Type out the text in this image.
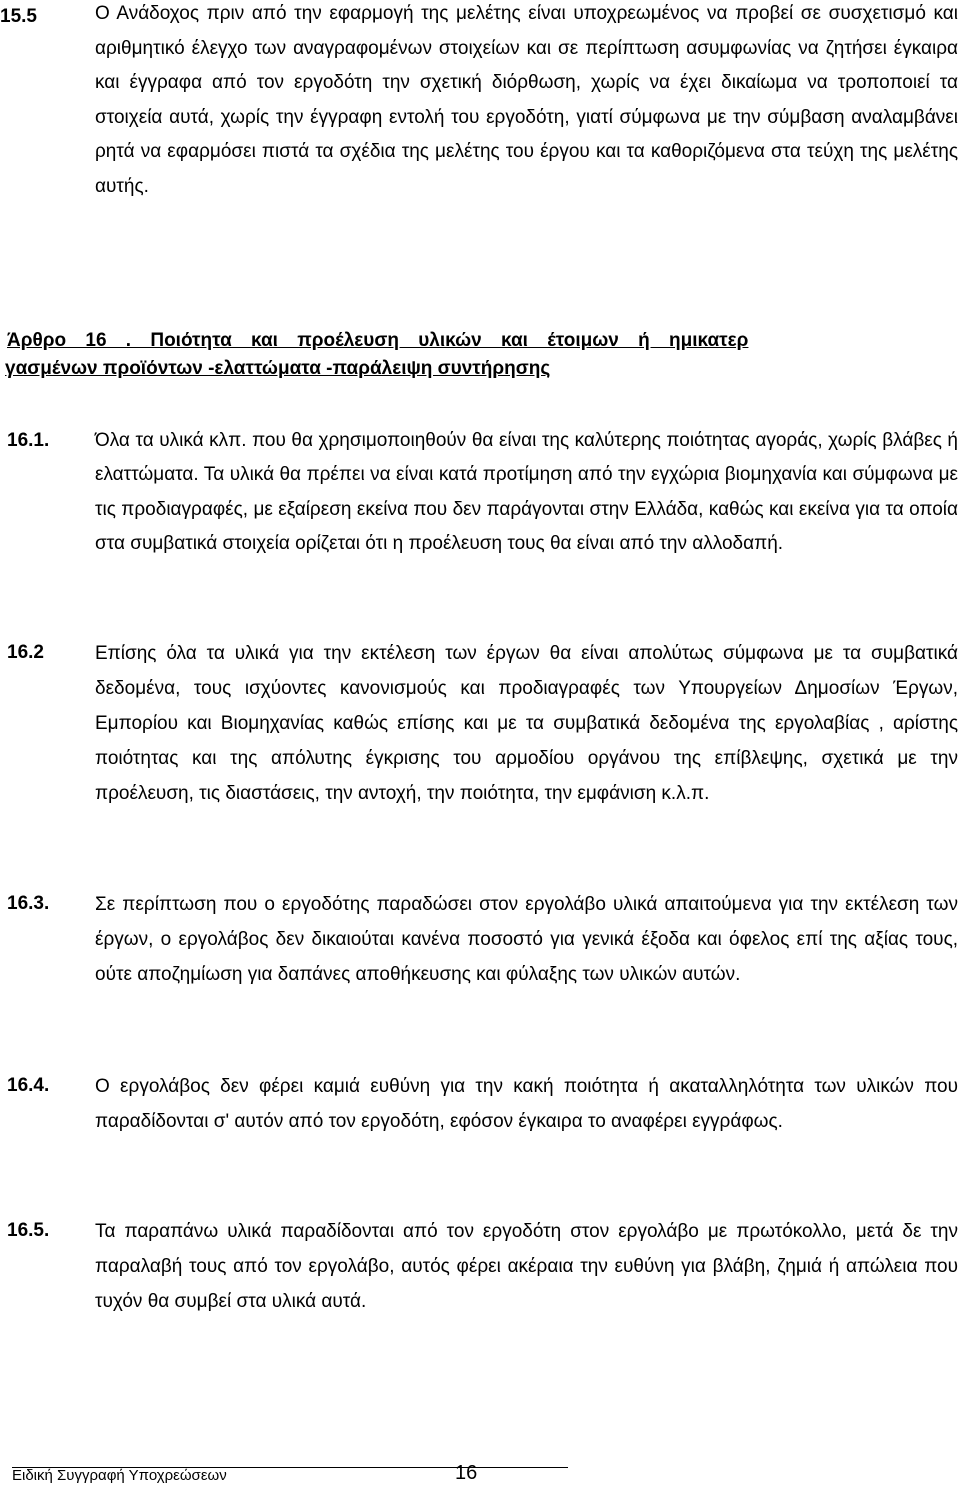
15.5	Ο Ανάδοχος πριν από την εφαρμογή της μελέτης είναι υποχρεωμένος να προβεί σε συσχετισμό και αριθμητικό έλεγχο των αναγραφομένων στοιχείων και σε περίπτωση ασυμφωνίας να ζητήσει έγκαιρα και έγγραφα από τον εργοδότη την σχετική διόρθωση, χωρίς να έχει δικαίωμα να τροποποιεί τα στοιχεία αυτά, χωρίς την έγγραφη εντολή του εργοδότη, γιατί σύμφωνα με την σύμβαση αναλαμβάνει ρητά να εφαρμόσει πιστά τα σχέδια της μελέτης του έργου και τα καθοριζόμενα στα τεύχη της μελέτης αυτής.
Άρθρο 16 . Ποιότητα και προέλευση υλικών και έτοιμων ή ημικατερ
γασμένων προϊόντων -ελαττώματα -παράλειψη συντήρησης
16.1. Όλα τα υλικά κλπ. που θα χρησιμοποιηθούν θα είναι της καλύτερης ποιότητας αγοράς, χωρίς βλάβες ή ελαττώματα. Τα υλικά θα πρέπει να είναι κατά προτίμηση από την εγχώρια βιομηχανία και σύμφωνα με τις προδιαγραφές, με εξαίρεση εκείνα που δεν παράγονται στην Ελλάδα, καθώς και εκείνα για τα οποία στα συμβατικά στοιχεία ορίζεται ότι η προέλευση τους θα είναι από την αλλοδαπή.
16.2	Επίσης όλα τα υλικά για την εκτέλεση των έργων θα είναι απολύτως σύμφωνα με τα συμβατικά δεδομένα, τους ισχύοντες κανονισμούς και προδιαγραφές των Υπουργείων Δημοσίων Έργων, Εμπορίου και Βιομηχανίας καθώς επίσης και με τα συμβατικά δεδομένα της εργολαβίας , αρίστης ποιότητας και της απόλυτης έγκρισης του αρμοδίου οργάνου της επίβλεψης, σχετικά με την προέλευση, τις διαστάσεις, την αντοχή, την ποιότητα, την εμφάνιση κ.λ.π.
16.3. Σε περίπτωση που ο εργοδότης παραδώσει στον εργολάβο υλικά απαιτούμενα για την εκτέλεση των έργων, ο εργολάβος δεν δικαιούται κανένα ποσοστό για γενικά έξοδα και όφελος επί της αξίας τους, ούτε αποζημίωση για δαπάνες αποθήκευσης και φύλαξης των υλικών αυτών.
16.4. Ο εργολάβος δεν φέρει καμιά ευθύνη για την κακή ποιότητα ή ακαταλληλότητα των υλικών που παραδίδονται σ' αυτόν από τον εργοδότη, εφόσον έγκαιρα το αναφέρει εγγράφως.
16.5. Τα παραπάνω υλικά παραδίδονται από τον εργοδότη στον εργολάβο με πρωτόκολλο, μετά δε την παραλαβή τους από τον εργολάβο, αυτός φέρει ακέραια την ευθύνη για βλάβη, ζημιά ή απώλεια που τυχόν θα συμβεί στα υλικά αυτά.
Ειδική Συγγραφή Υποχρεώσεων	16
